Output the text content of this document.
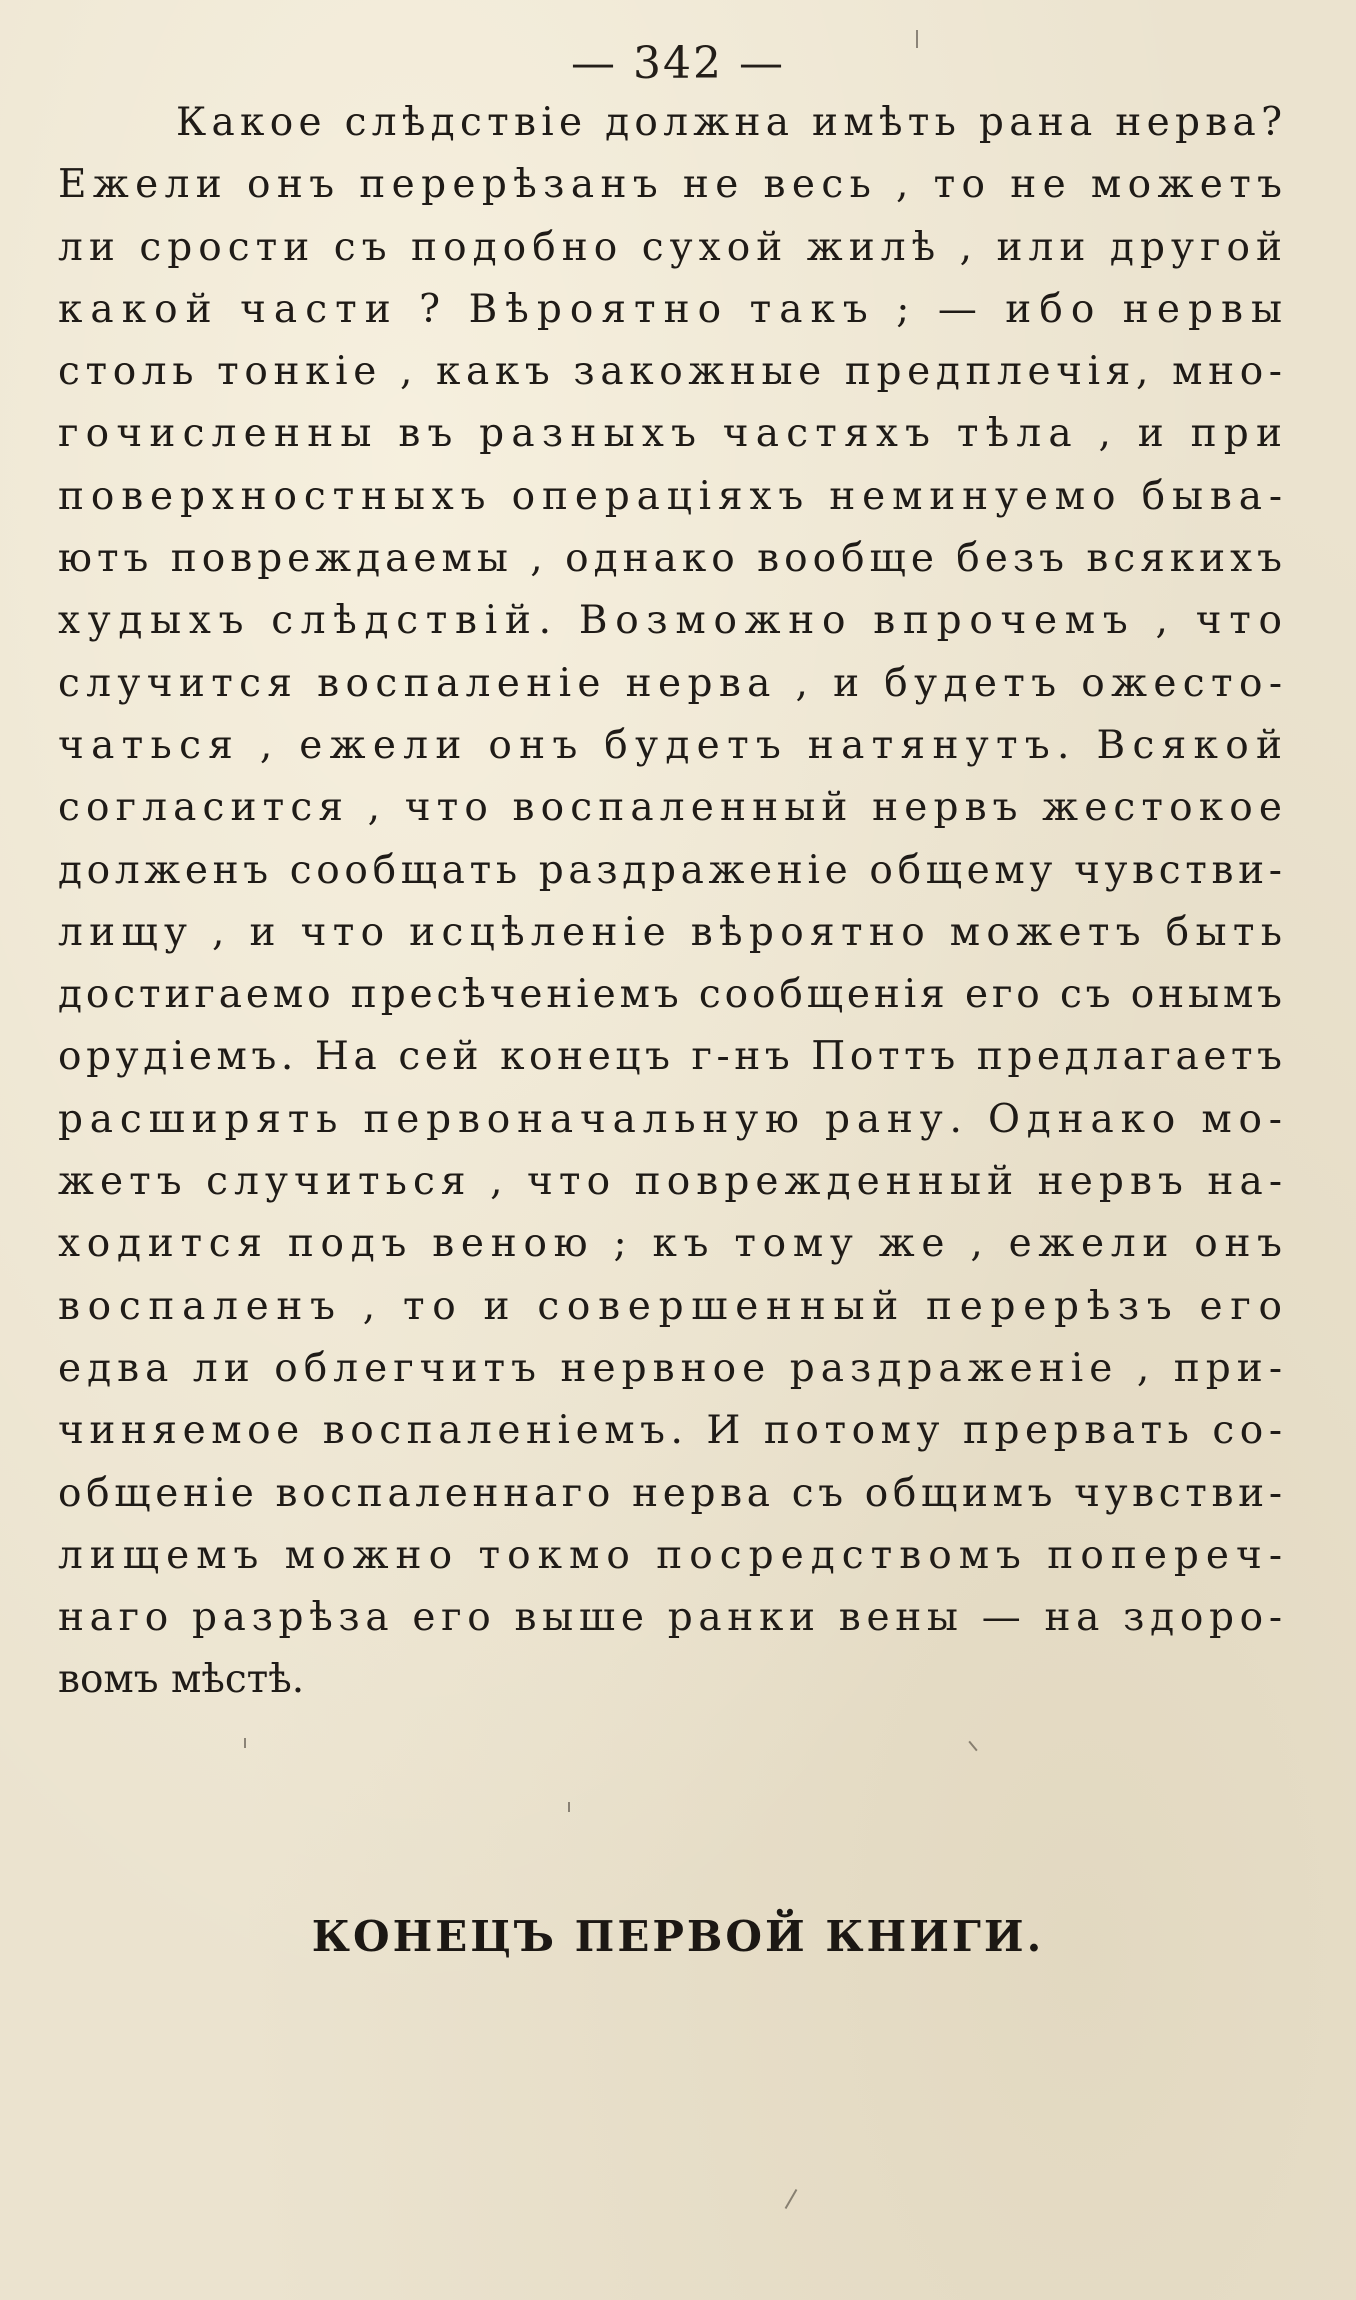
— 342 —
Какое слѣдствіе должна имѣть рана нерва?
Ежели онъ перерѣзанъ не весь , то не можетъ
ли срости съ подобно сухой жилѣ , или другой
какой части ? Вѣроятно такъ ; — ибо нервы
столь тонкіе , какъ закожные предплечія, мно-
гочисленны въ разныхъ частяхъ тѣла , и при
поверхностныхъ операціяхъ неминуемо быва-
ютъ повреждаемы , однако вообще безъ всякихъ
худыхъ слѣдствій. Возможно впрочемъ , что
случится воспаленіе нерва , и будетъ ожесто-
чаться , ежели онъ будетъ натянутъ. Всякой
согласится , что воспаленный нервъ жестокое
долженъ сообщать раздраженіе общему чувстви-
лищу , и что исцѣленіе вѣроятно можетъ быть
достигаемо пресѣченіемъ сообщенія его съ онымъ
орудіемъ. На сей конецъ г-нъ Поттъ предлагаетъ
расширять первоначальную рану. Однако мо-
жетъ случиться , что поврежденный нервъ на-
ходится подъ веною ; къ тому же , ежели онъ
воспаленъ , то и совершенный перерѣзъ его
едва ли облегчитъ нервное раздраженіе , при-
чиняемое воспаленіемъ. И потому прервать со-
общеніе воспаленнаго нерва съ общимъ чувстви-
лищемъ можно токмо посредствомъ попереч-
наго разрѣза его выше ранки вены — на здоро-
вомъ мѣстѣ.
КОНЕЦЪ ПЕРВОЙ КНИГИ.
